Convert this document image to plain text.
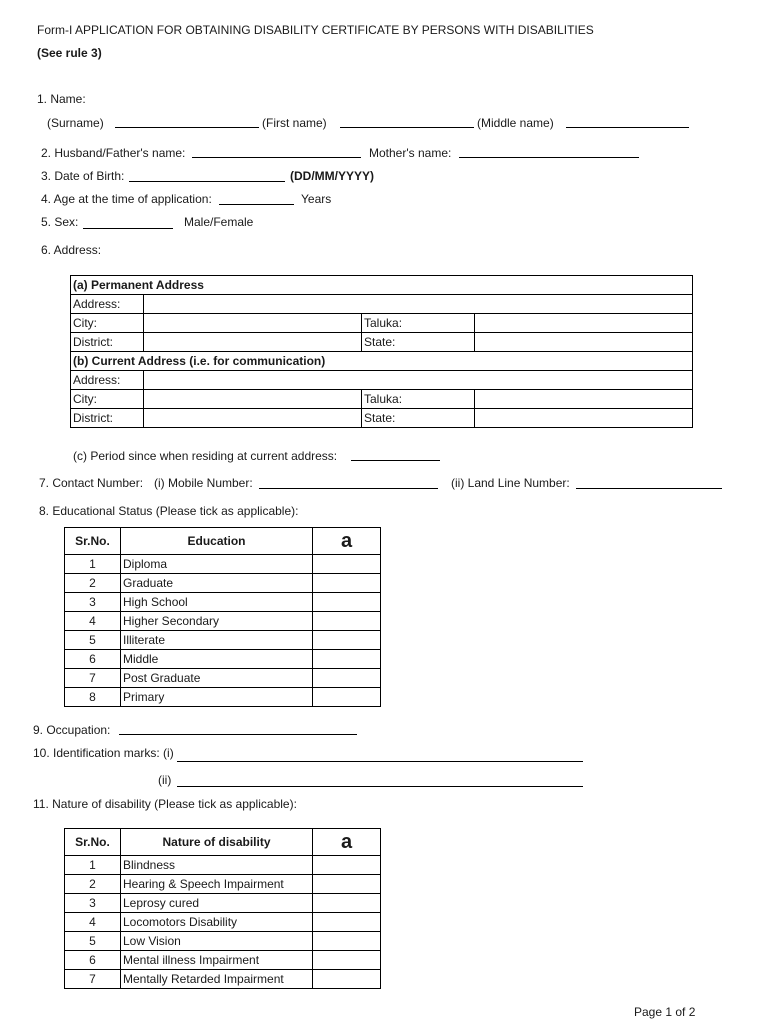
Form-I APPLICATION FOR OBTAINING DISABILITY CERTIFICATE BY PERSONS WITH DISABILITIES
(See rule 3)
1. Name:
(Surname)	(First name)	(Middle name)
2. Husband/Father's name:	Mother's name:
3. Date of Birth:	(DD/MM/YYYY)
4. Age at the time of application:	Years
5. Sex:	Male/Female
6. Address:
(a) Permanent Address			
Address:			
City:		Taluka:	
District:		State:	
(b) Current Address (i.e. for communication)			
Address:			
City:		Taluka:	
District:		State:	
(c) Period since when residing at current address:
7. Contact Number: (i) Mobile Number:	(ii) Land Line Number:
8. Educational Status (Please tick as applicable):
Sr.No.	Education	a
1	Diploma	
2	Graduate	
3	High School	
4	Higher Secondary	
5	Illiterate	
6	Middle	
7	Post Graduate	
8	Primary	
9. Occupation:
10. Identification marks: (i)
(ii)
11. Nature of disability (Please tick as applicable):
Sr.No.	Nature of disability	a
1	Blindness	
2	Hearing & Speech Impairment	
3	Leprosy cured	
4	Locomotors Disability	
5	Low Vision	
6	Mental illness Impairment	
7	Mentally Retarded Impairment	
Page 1 of 2
